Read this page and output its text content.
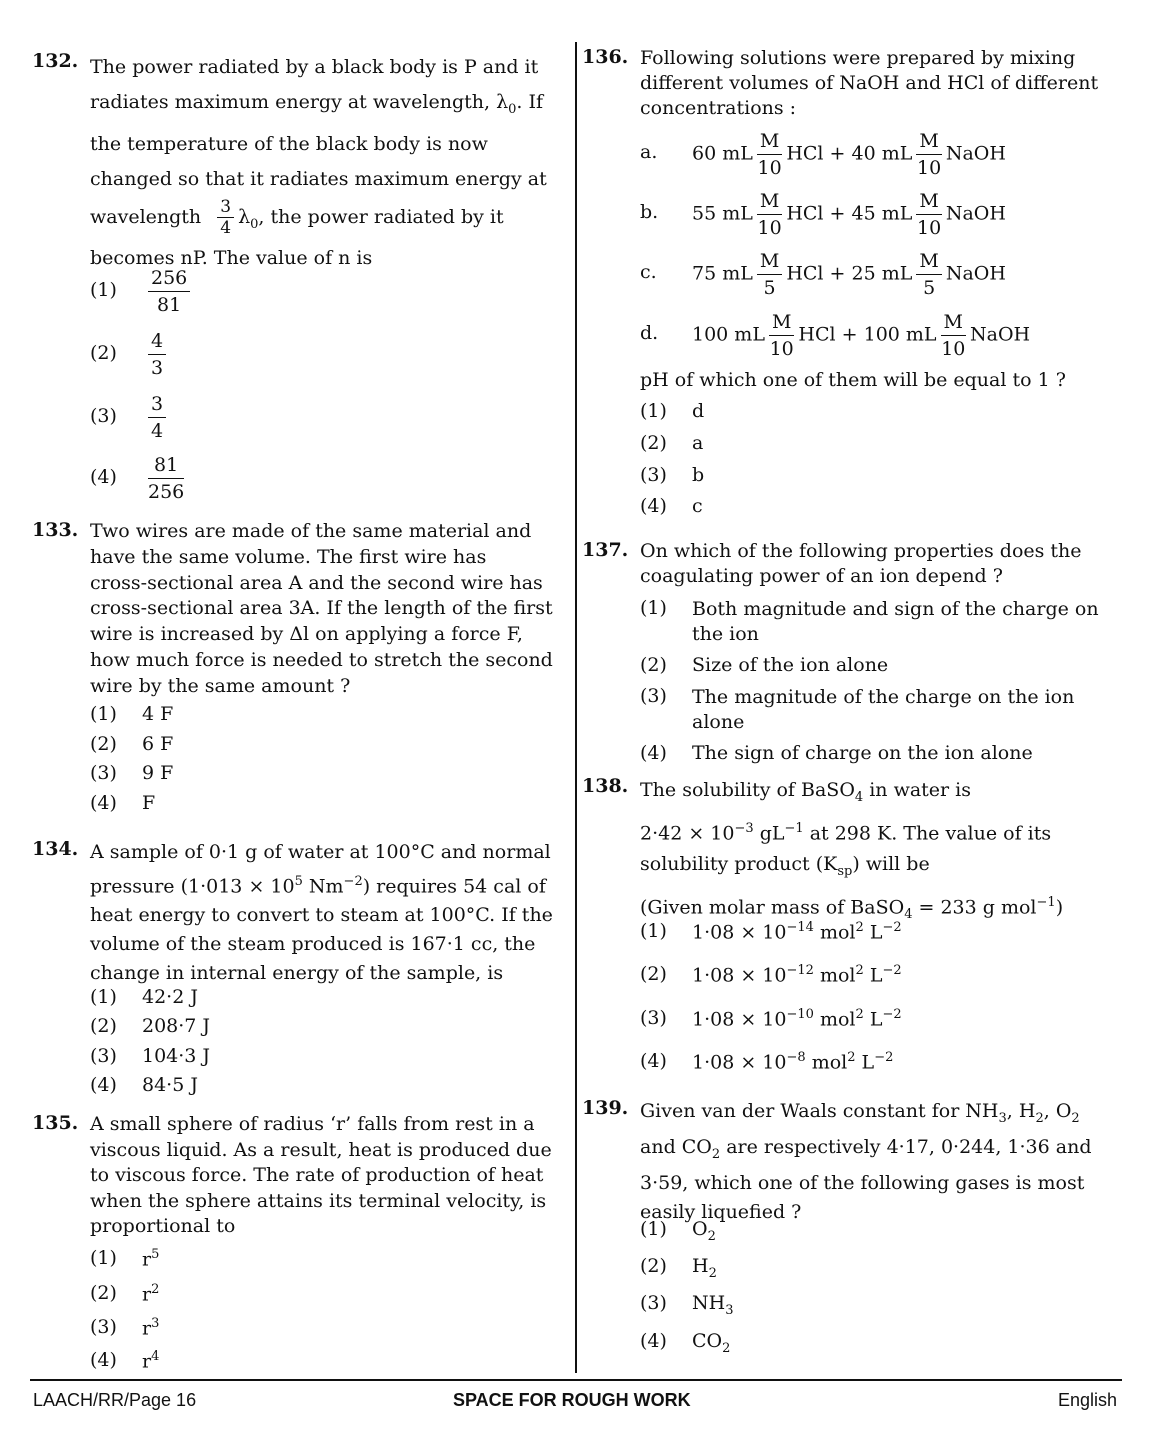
132. The power radiated by a black body is P and it
radiates maximum energy at wavelength, $\lambda_0$. If
the temperature of the black body is now
changed so that it radiates maximum energy at
wavelength $\frac{3}{4} \lambda_0$, the power radiated by it
becomes nP. The value of n is
$(1) \frac{256}{81}$
$(2) \frac{4}{3}$
$(3) \frac{3}{4}$
$(4) \frac{81}{256}$
133. Two wires are made of the same material and
have the same volume. The first wire has
cross-sectional area A and the second wire has
cross-sectional area 3A. If the length of the first
wire is increased by Δl on applying a force F,
how much force is needed to stretch the second
wire by the same amount ?
(1) 4 F
(2) 6 F
(3) 9 F
(4) F
134. A sample of 0·1 g of water at 100°C and normal
pressure ($1\cdot 013 \times 10^5$ $Nm^{-2}$) requires 54 cal of
heat energy to convert to steam at 100°C. If the
volume of the steam produced is 167·1 cc, the
change in internal energy of the sample, is
(1) 42·2 J
(2) 208·7 J
(3) 104·3 J
(4) 84·5 J
135. A small sphere of radius ‘r’ falls from rest in a
viscous liquid. As a result, heat is produced due
to viscous force. The rate of production of heat
when the sphere attains its terminal velocity, is
proportional to
(1) $r^5$
(2) $r^2$
(3) $r^3$
(4) $r^4$
136. Following solutions were prepared by mixing
different volumes of NaOH and HCl of different
concentrations :
a. 60 mL $\frac{M}{10}$ HCl + 40 mL $\frac{M}{10}$ NaOH
b. 55 mL $\frac{M}{10}$ HCl + 45 mL $\frac{M}{10}$ NaOH
c. 75 mL $\frac{M}{5}$ HCl + 25 mL $\frac{M}{5}$ NaOH
d. 100 mL $\frac{M}{10}$ HCl + 100 mL $\frac{M}{10}$ NaOH
pH of which one of them will be equal to 1 ?
(1) d
(2) a
(3) b
(4) c
137. On which of the following properties does the
coagulating power of an ion depend ?
(1) Both magnitude and sign of the charge on
the ion
(2) Size of the ion alone
(3) The magnitude of the charge on the ion
alone
(4) The sign of charge on the ion alone
138. The solubility of BaSO$_4$ in water is
$2\cdot 42 \times 10^{-3}$ $gL^{-1}$ at 298 K. The value of its
solubility product $(K_{sp})$ will be
(Given molar mass of BaSO$_4$ = 233 g mol$^{-1}$)
(1) $1\cdot 08 \times 10^{-14}$ mol$^2$ $L^{-2}$
(2) $1\cdot 08 \times 10^{-12}$ mol$^2$ $L^{-2}$
(3) $1\cdot 08 \times 10^{-10}$ mol$^2$ $L^{-2}$
(4) $1\cdot 08 \times 10^{-8}$ mol$^2$ $L^{-2}$
139. Given van der Waals constant for $NH_3$, $H_2$, $O_2$
and $CO_2$ are respectively 4·17, 0·244, 1·36 and
3·59, which one of the following gases is most
easily liquefied ?
(1) $O_2$
(2) $H_2$
(3) $NH_3$
(4) $CO_2$
LAACH/RR/Page 16	SPACE FOR ROUGH WORK	English
